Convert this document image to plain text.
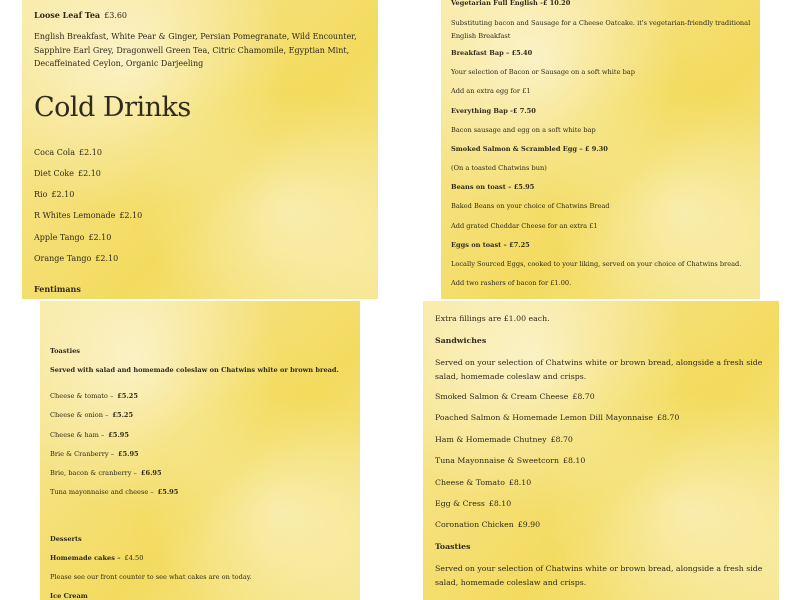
Loose Leaf Tea £3.60
English Breakfast, White Pear & Ginger, Persian Pomegranate, Wild Encounter, Sapphire Earl Grey, Dragonwell Green Tea, Citric Chamomile, Egyptian Mint, Decaffeinated Ceylon, Organic Darjeeling
Cold Drinks
Coca Cola £2.10
Diet Coke £2.10
Rio £2.10
R Whites Lemonade £2.10
Apple Tango £2.10
Orange Tango £2.10
Fentimans
Vegetarian Full English -£ 10.20
Substituting bacon and Sausage for a Cheese Oatcake. it's vegetarian-friendly traditional English Breakfast
Breakfast Bap – £5.40
Your selection of Bacon or Sausage on a soft white bap
Add an extra egg for £1
Everything Bap -£ 7.50
Bacon sausage and egg on a soft white bap
Smoked Salmon & Scrambled Egg – £ 9.30
(On a toasted Chatwins bun)
Beans on toast – £5.95
Baked Beans on your choice of Chatwins Bread
Add grated Cheddar Cheese for an extra £1
Eggs on toast – £7.25
Locally Sourced Eggs, cooked to your liking, served on your choice of Chatwins bread.
Add two rashers of bacon for £1.00.
Toasties
Served with salad and homemade coleslaw on Chatwins white or brown bread.
Cheese & tomato – £5.25
Cheese & onion – £5.25
Cheese & ham – £5.95
Brie & Cranberry – £5.95
Brie, bacon & cranberry – £6.95
Tuna mayonnaise and cheese – £5.95
Desserts
Homemade cakes – £4.50
Please see our front counter to see what cakes are on today.
Ice Cream
Extra fillings are £1.00 each.
Sandwiches
Served on your selection of Chatwins white or brown bread, alongside a fresh side salad, homemade coleslaw and crisps.
Smoked Salmon & Cream Cheese £8.70
Poached Salmon & Homemade Lemon Dill Mayonnaise £8.70
Ham & Homemade Chutney £8.70
Tuna Mayonnaise & Sweetcorn £8.10
Cheese & Tomato £8.10
Egg & Cress £8.10
Coronation Chicken £9.90
Toasties
Served on your selection of Chatwins white or brown bread, alongside a fresh side salad, homemade coleslaw and crisps.
